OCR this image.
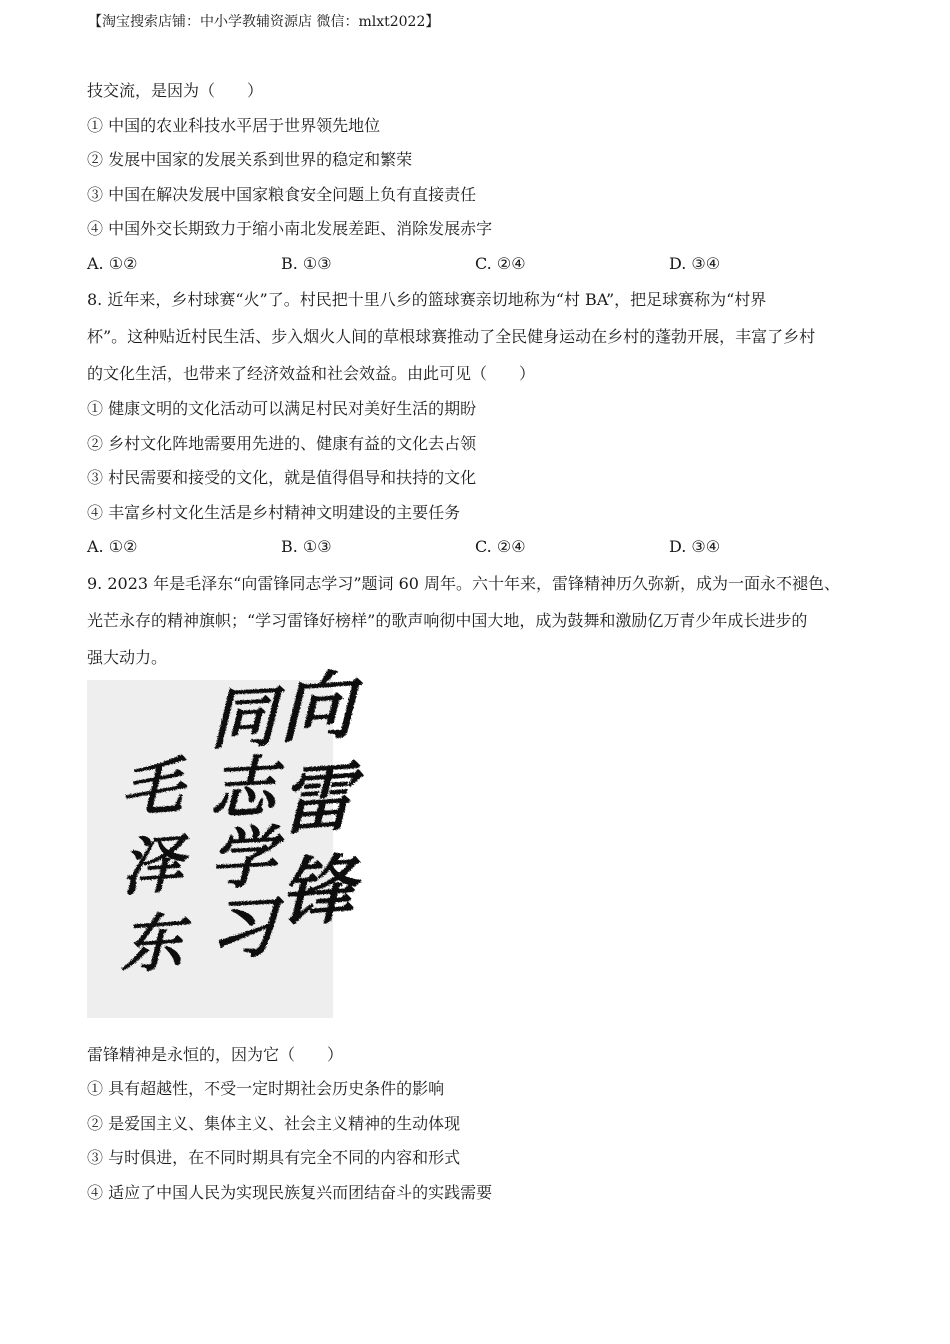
【淘宝搜索店铺：中小学教辅资源店 微信：mlxt2022】
技交流，是因为（　　）
① 中国的农业科技水平居于世界领先地位
② 发展中国家的发展关系到世界的稳定和繁荣
③ 中国在解决发展中国家粮食安全问题上负有直接责任
④ 中国外交长期致力于缩小南北发展差距、消除发展赤字
A. ①②	B. ①③	C. ②④	D. ③④
8. 近年来，乡村球赛“火”了。村民把十里八乡的篮球赛亲切地称为“村 BA”，把足球赛称为“村界
杯”。这种贴近村民生活、步入烟火人间的草根球赛推动了全民健身运动在乡村的蓬勃开展，丰富了乡村
的文化生活，也带来了经济效益和社会效益。由此可见（　　）
① 健康文明的文化活动可以满足村民对美好生活的期盼
② 乡村文化阵地需要用先进的、健康有益的文化去占领
③ 村民需要和接受的文化，就是值得倡导和扶持的文化
④ 丰富乡村文化生活是乡村精神文明建设的主要任务
A. ①②	B. ①③	C. ②④	D. ③④
9. 2023 年是毛泽东“向雷锋同志学习”题词 60 周年。六十年来，雷锋精神历久弥新，成为一面永不褪色、
光芒永存的精神旗帜；“学习雷锋好榜样”的歌声响彻中国大地，成为鼓舞和激励亿万青少年成长进步的
强大动力。
向雷锋
同志学习
毛泽东
雷锋精神是永恒的，因为它（　　）
① 具有超越性，不受一定时期社会历史条件的影响
② 是爱国主义、集体主义、社会主义精神的生动体现
③ 与时俱进，在不同时期具有完全不同的内容和形式
④ 适应了中国人民为实现民族复兴而团结奋斗的实践需要
